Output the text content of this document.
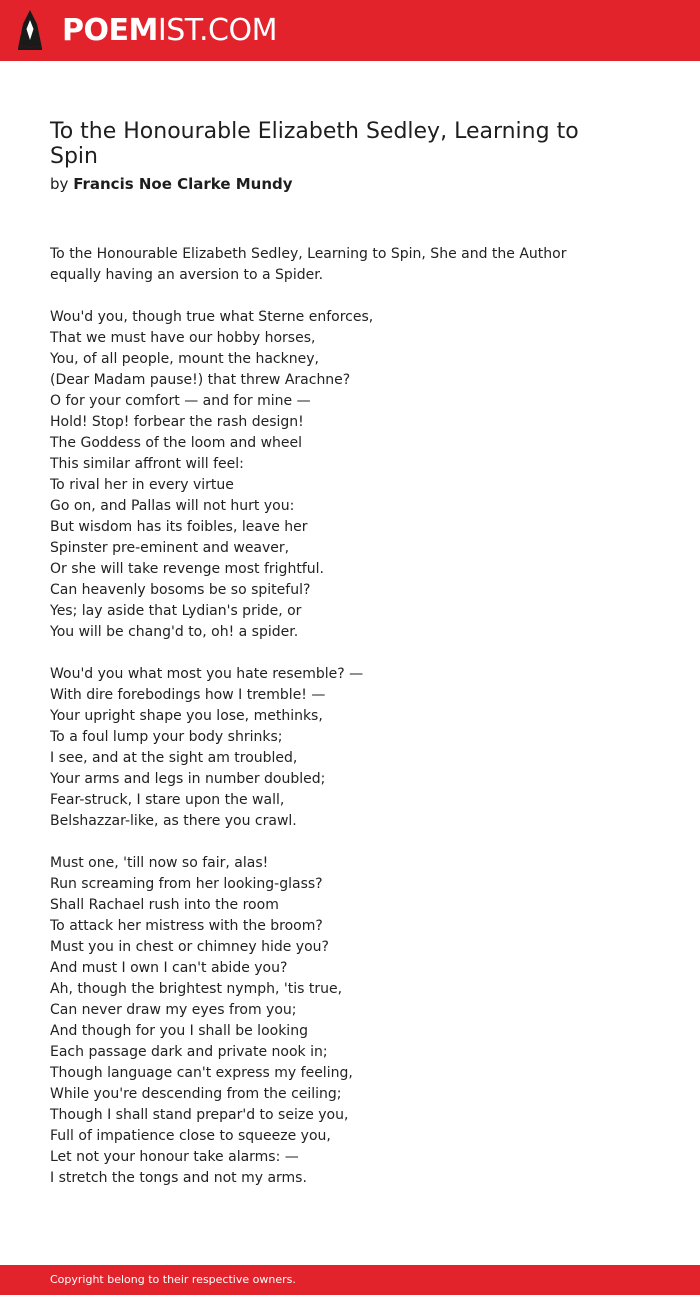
POEMIST.COM
To the Honourable Elizabeth Sedley, Learning to Spin
by Francis Noe Clarke Mundy

To the Honourable Elizabeth Sedley, Learning to Spin, She and the Author equally having an aversion to a Spider.

Wou'd you, though true what Sterne enforces,
That we must have our hobby horses,
You, of all people, mount the hackney,
(Dear Madam pause!) that threw Arachne?
O for your comfort — and for mine —
Hold! Stop! forbear the rash design!
The Goddess of the loom and wheel
This similar affront will feel:
To rival her in every virtue
Go on, and Pallas will not hurt you:
But wisdom has its foibles, leave her
Spinster pre-eminent and weaver,
Or she will take revenge most frightful.
Can heavenly bosoms be so spiteful?
Yes; lay aside that Lydian's pride, or
You will be chang'd to, oh! a spider.
Wou'd you what most you hate resemble? —
With dire forebodings how I tremble! —
Your upright shape you lose, methinks,
To a foul lump your body shrinks;
I see, and at the sight am troubled,
Your arms and legs in number doubled;
Fear-struck, I stare upon the wall,
Belshazzar-like, as there you crawl.
Must one, 'till now so fair, alas!
Run screaming from her looking-glass?
Shall Rachael rush into the room
To attack her mistress with the broom?
Must you in chest or chimney hide you?
And must I own I can't abide you?
Ah, though the brightest nymph, 'tis true,
Can never draw my eyes from you;
And though for you I shall be looking
Each passage dark and private nook in;
Though language can't express my feeling,
While you're descending from the ceiling;
Though I shall stand prepar'd to seize you,
Full of impatience close to squeeze you,
Let not your honour take alarms: —
I stretch the tongs and not my arms.
Copyright belong to their respective owners.
